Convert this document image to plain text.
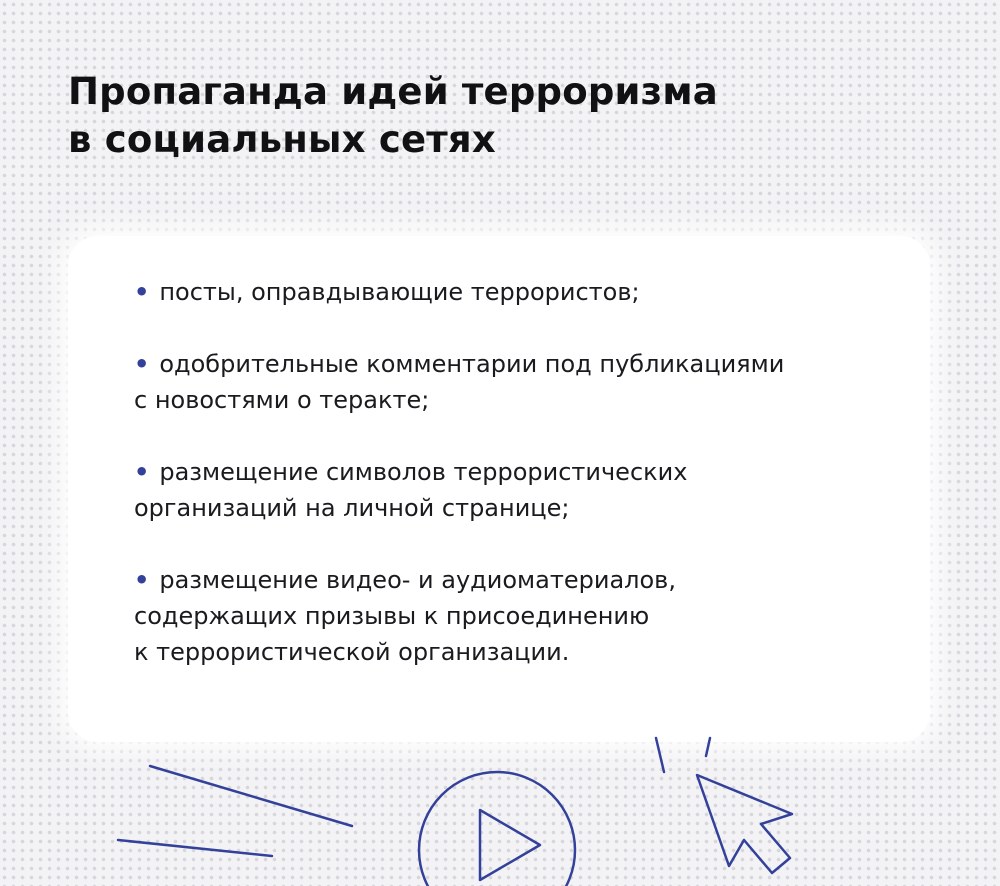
Пропаганда идей терроризма
в социальных сетях
• посты, оправдывающие террористов;
• одобрительные комментарии под публикациями
с новостями о теракте;
• размещение символов террористических
организаций на личной странице;
• размещение видео- и аудиоматериалов,
содержащих призывы к присоединению
к террористической организации.
